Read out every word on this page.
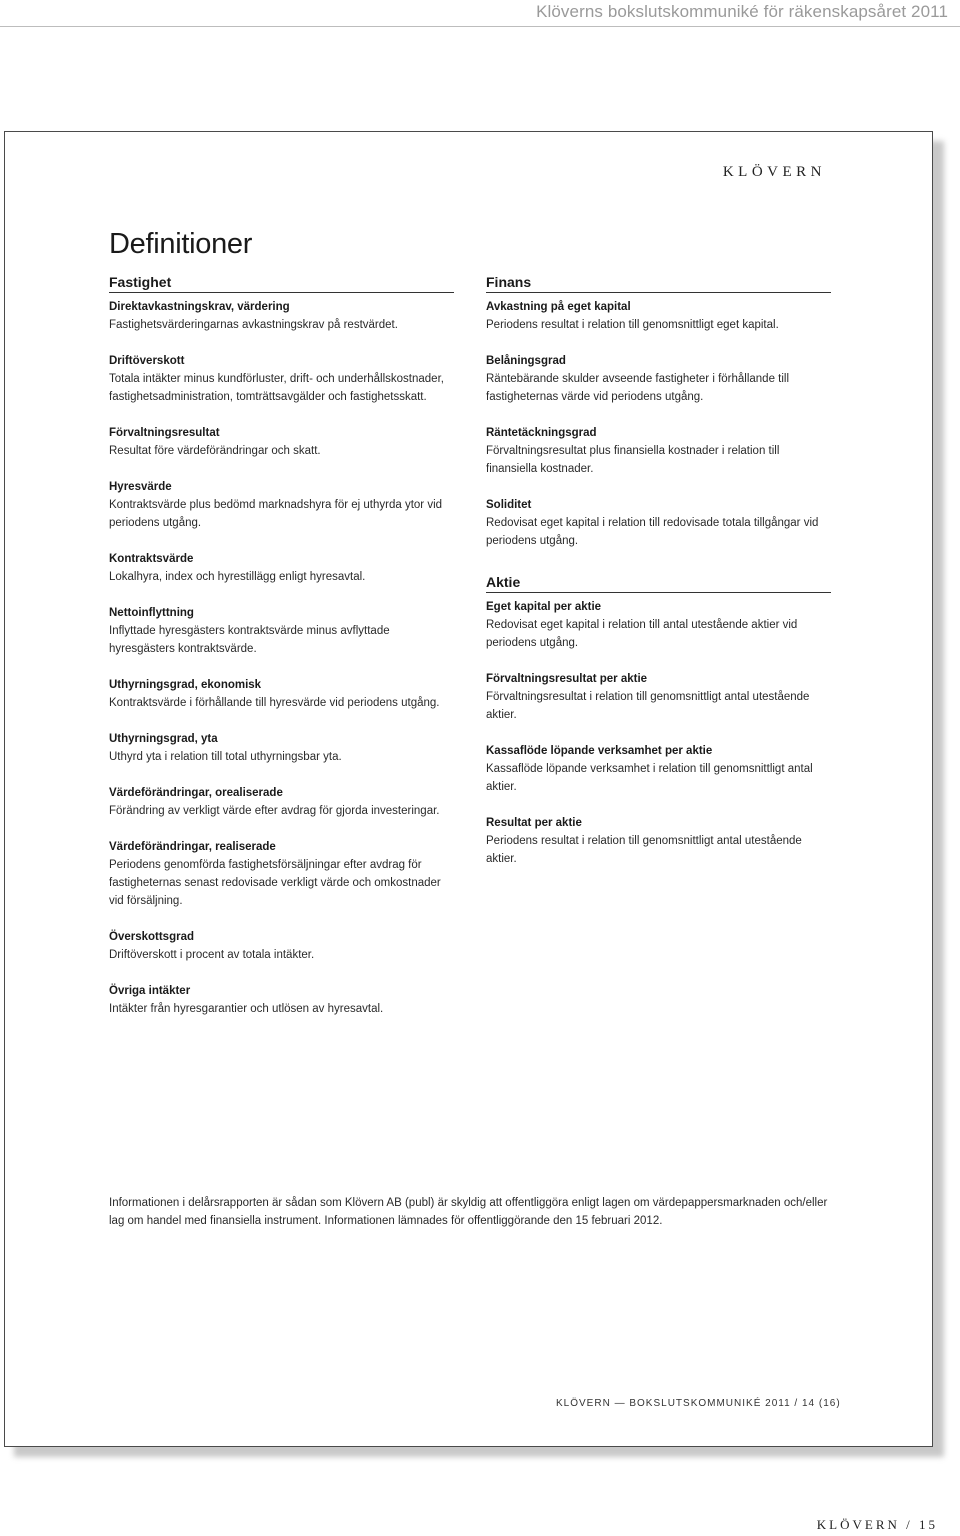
Klöverns bokslutskommuniké för räkenskapsåret 2011
KLÖVERN
Definitioner
Fastighet
Direktavkastningskrav, värdering
Fastighetsvärderingarnas avkastningskrav på restvärdet.
Driftöverskott
Totala intäkter minus kundförluster, drift- och underhållskostnader, fastighetsadministration, tomträttsavgälder och fastighetsskatt.
Förvaltningsresultat
Resultat före värdeförändringar och skatt.
Hyresvärde
Kontraktsvärde plus bedömd marknadshyra för ej uthyrda ytor vid periodens utgång.
Kontraktsvärde
Lokalhyra, index och hyrestillägg enligt hyresavtal.
Nettoinflyttning
Inflyttade hyresgästers kontraktsvärde minus avflyttade hyresgästers kontraktsvärde.
Uthyrningsgrad, ekonomisk
Kontraktsvärde i förhållande till hyresvärde vid periodens utgång.
Uthyrningsgrad, yta
Uthyrd yta i relation till total uthyrningsbar yta.
Värdeförändringar, orealiserade
Förändring av verkligt värde efter avdrag för gjorda investeringar.
Värdeförändringar, realiserade
Periodens genomförda fastighetsförsäljningar efter avdrag för fastigheternas senast redovisade verkligt värde och omkostnader vid försäljning.
Överskottsgrad
Driftöverskott i procent av totala intäkter.
Övriga intäkter
Intäkter från hyresgarantier och utlösen av hyresavtal.
Finans
Avkastning på eget kapital
Periodens resultat i relation till genomsnittligt eget kapital.
Belåningsgrad
Räntebärande skulder avseende fastigheter i förhållande till fastigheternas värde vid periodens utgång.
Räntetäckningsgrad
Förvaltningsresultat plus finansiella kostnader i relation till finansiella kostnader.
Soliditet
Redovisat eget kapital i relation till redovisade totala tillgångar vid periodens utgång.
Aktie
Eget kapital per aktie
Redovisat eget kapital i relation till antal utestående aktier vid periodens utgång.
Förvaltningsresultat per aktie
Förvaltningsresultat i relation till genomsnittligt antal utestående aktier.
Kassaflöde löpande verksamhet per aktie
Kassaflöde löpande verksamhet i relation till genomsnittligt antal aktier.
Resultat per aktie
Periodens resultat i relation till genomsnittligt antal utestående aktier.
Informationen i delårsrapporten är sådan som Klövern AB (publ) är skyldig att offentliggöra enligt lagen om värdepappersmarknaden och/eller lag om handel med finansiella instrument. Informationen lämnades för offentliggörande den 15 februari 2012.
KLÖVERN — BOKSLUTSKOMMUNIKÉ 2011 / 14 (16)
KLÖVERN / 15
